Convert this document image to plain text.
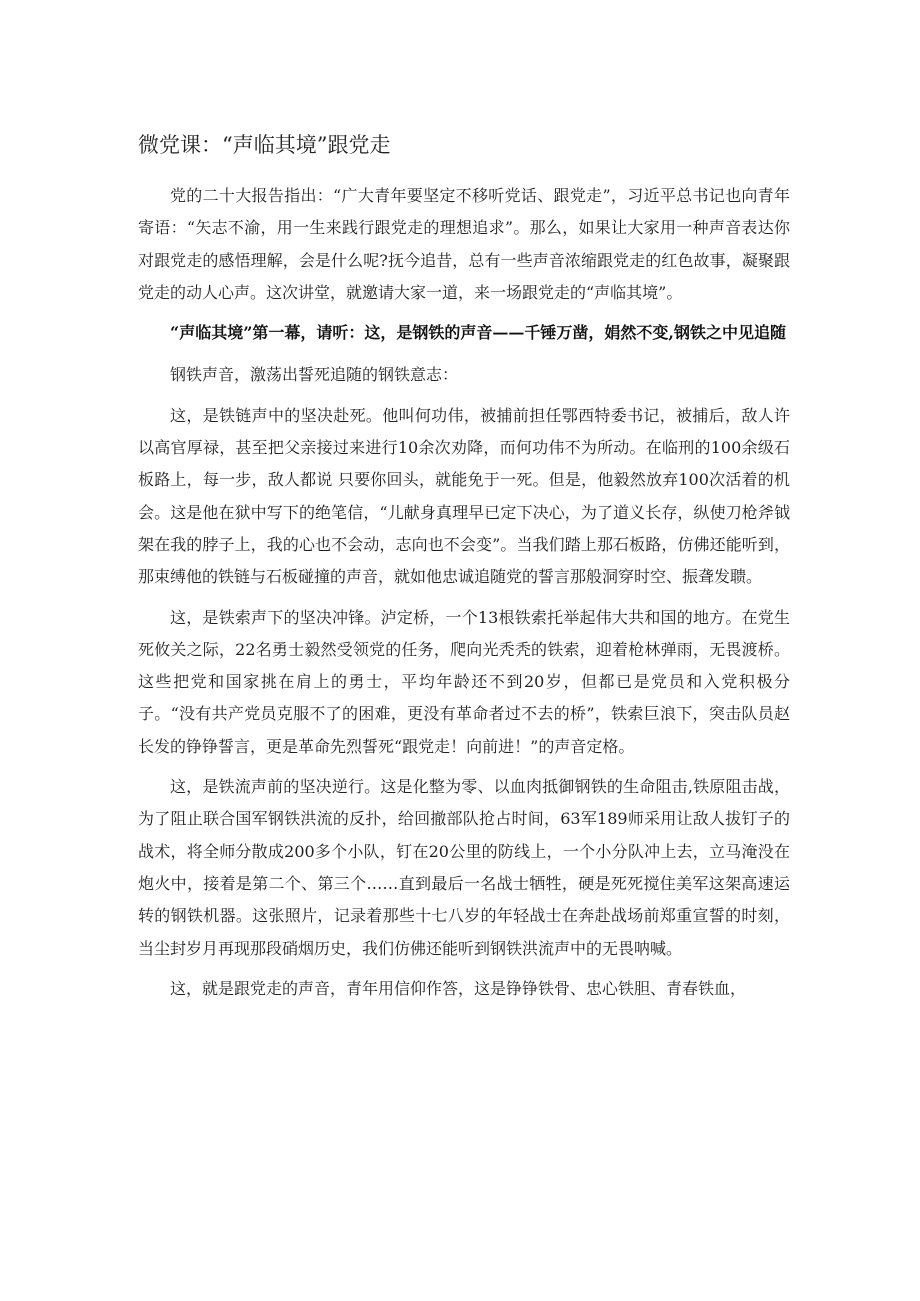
微党课：“声临其境”跟党走

党的二十大报告指出：“广大青年要坚定不移听党话、跟党走”，习近平总书记也向青年寄语：“矢志不渝，用一生来践行跟党走的理想追求”。那么，如果让大家用一种声音表达你对跟党走的感悟理解，会是什么呢?抚今追昔，总有一些声音浓缩跟党走的红色故事，凝聚跟党走的动人心声。这次讲堂，就邀请大家一道，来一场跟党走的“声临其境”。

“声临其境”第一幕，请听：这，是钢铁的声音——千锤万凿，娟然不变,钢铁之中见追随

钢铁声音，激荡出誓死追随的钢铁意志：

这，是铁链声中的坚决赴死。他叫何功伟，被捕前担任鄂西特委书记，被捕后，敌人许以高官厚禄，甚至把父亲接过来进行10余次劝降，而何功伟不为所动。在临刑的100余级石板路上，每一步，敌人都说 只要你回头，就能免于一死。但是，他毅然放弃100次活着的机会。这是他在狱中写下的绝笔信，“儿献身真理早已定下决心，为了道义长存，纵使刀枪斧钺架在我的脖子上，我的心也不会动，志向也不会变”。当我们踏上那石板路，仿佛还能听到，那束缚他的铁链与石板碰撞的声音，就如他忠诚追随党的誓言那般洞穿时空、振聋发聩。

这，是铁索声下的坚决冲锋。泸定桥，一个13根铁索托举起伟大共和国的地方。在党生死攸关之际，22名勇士毅然受领党的任务，爬向光秃秃的铁索，迎着枪林弹雨，无畏渡桥。这些把党和国家挑在肩上的勇士，平均年龄还不到20岁，但都已是党员和入党积极分子。“没有共产党员克服不了的困难，更没有革命者过不去的桥”，铁索巨浪下，突击队员赵长发的铮铮誓言，更是革命先烈誓死“跟党走！向前进！”的声音定格。

这，是铁流声前的坚决逆行。这是化整为零、以血肉抵御钢铁的生命阻击,铁原阻击战，为了阻止联合国军钢铁洪流的反扑，给回撤部队抢占时间，63军189师采用让敌人拔钉子的战术，将全师分散成200多个小队，钉在20公里的防线上，一个小分队冲上去，立马淹没在炮火中，接着是第二个、第三个……直到最后一名战士牺牲，硬是死死搅住美军这架高速运转的钢铁机器。这张照片，记录着那些十七八岁的年轻战士在奔赴战场前郑重宣誓的时刻，当尘封岁月再现那段硝烟历史，我们仿佛还能听到钢铁洪流声中的无畏呐喊。

这，就是跟党走的声音，青年用信仰作答，这是铮铮铁骨、忠心铁胆、青春铁血，
